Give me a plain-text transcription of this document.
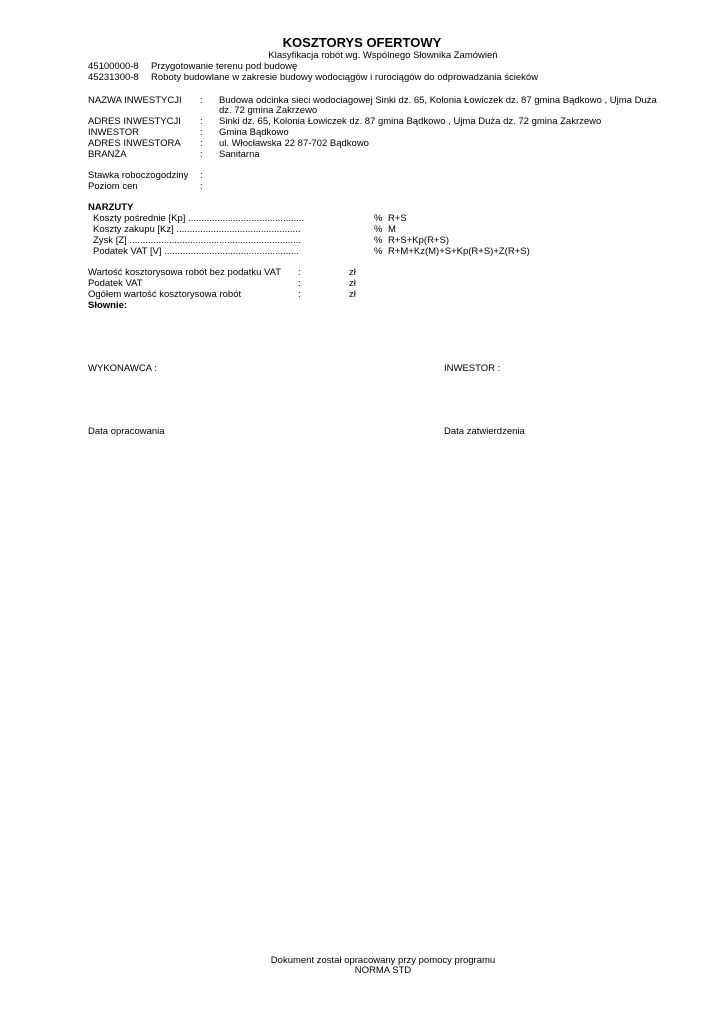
KOSZTORYS OFERTOWY
Klasyfikacja robót wg. Wspólnego Słownika Zamówień
45100000-8 Przygotowanie terenu pod budowę
45231300-8 Roboty budowlane w zakresie budowy wodociągów i rurociągów do odprowadzania ścieków
NAZWA INWESTYCJI : Budowa odcinka sieci wodociagowej Sinki dz. 65, Kolonia Łowiczek dz. 87 gmina Bądkowo , Ujma Duża
dz. 72 gmina Zakrzewo
ADRES INWESTYCJI : Sinki dz. 65, Kolonia Łowiczek dz. 87 gmina Bądkowo , Ujma Duża dz. 72 gmina Zakrzewo
INWESTOR	: Gmina Bądkowo
ADRES INWESTORA : ul. Włocławska 22 87-702 Bądkowo
BRANŻA	: Sanitarna
Stawka roboczogodziny :
Poziom cen	:
NARZUTY
Koszty pośrednie [Kp] ............................................	% R+S
Koszty zakupu [Kz] ...............................................	% M
Zysk [Z] .................................................................	% R+S+Kp(R+S)
Podatek VAT [V] ...................................................	% R+M+Kz(M)+S+Kp(R+S)+Z(R+S)
Wartość kosztorysowa robót bez podatku VAT :	zł
Podatek VAT	:	zł
Ogółem wartość kosztorysowa robót	:	zł
Słownie:
WYKONAWCA :	INWESTOR :
Data opracowania	Data zatwierdzenia
Dokument został opracowany przy pomocy programu
NORMA STD
